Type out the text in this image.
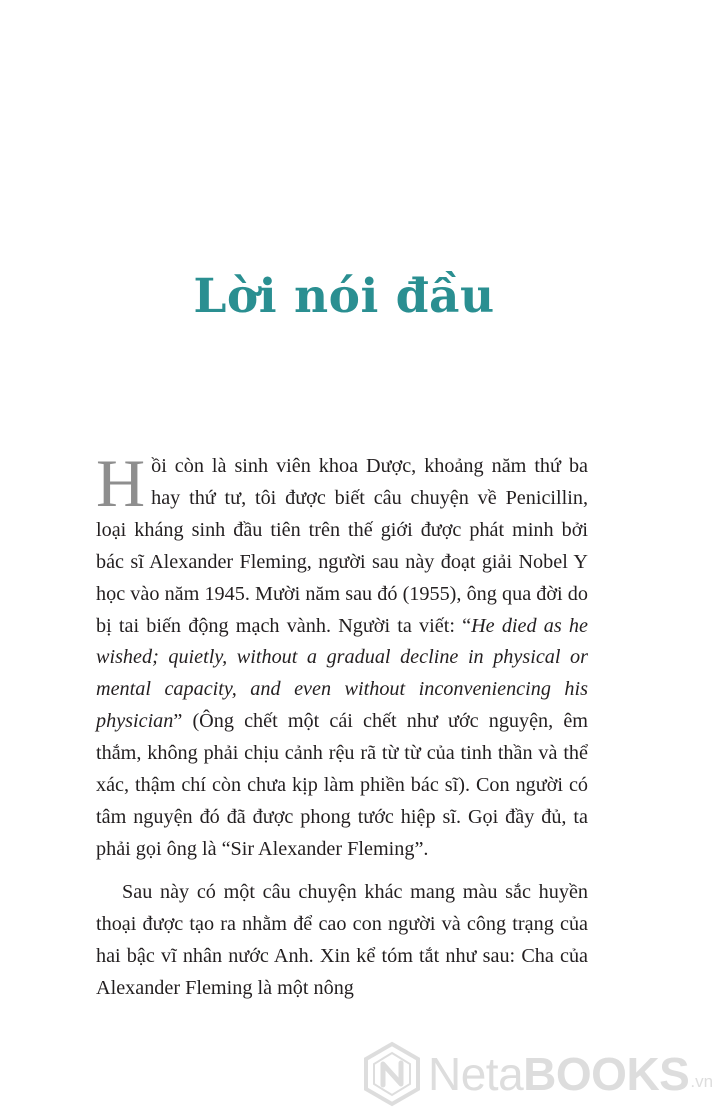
Lời nói đầu

Hồi còn là sinh viên khoa Dược, khoảng năm thứ ba hay thứ tư, tôi được biết câu chuyện về Penicillin, loại kháng sinh đầu tiên trên thế giới được phát minh bởi bác sĩ Alexander Fleming, người sau này đoạt giải Nobel Y học vào năm 1945. Mười năm sau đó (1955), ông qua đời do bị tai biến động mạch vành. Người ta viết: “He died as he wished; quietly, without a gradual decline in physical or mental capacity, and even without inconveniencing his physician” (Ông chết một cái chết như ước nguyện, êm thắm, không phải chịu cảnh rệu rã từ từ của tinh thần và thể xác, thậm chí còn chưa kịp làm phiền bác sĩ). Con người có tâm nguyện đó đã được phong tước hiệp sĩ. Gọi đầy đủ, ta phải gọi ông là “Sir Alexander Fleming”.

Sau này có một câu chuyện khác mang màu sắc huyền thoại được tạo ra nhằm để cao con người và công trạng của hai bậc vĩ nhân nước Anh. Xin kể tóm tắt như sau: Cha của Alexander Fleming là một nông

NetaBOOKS .vn
